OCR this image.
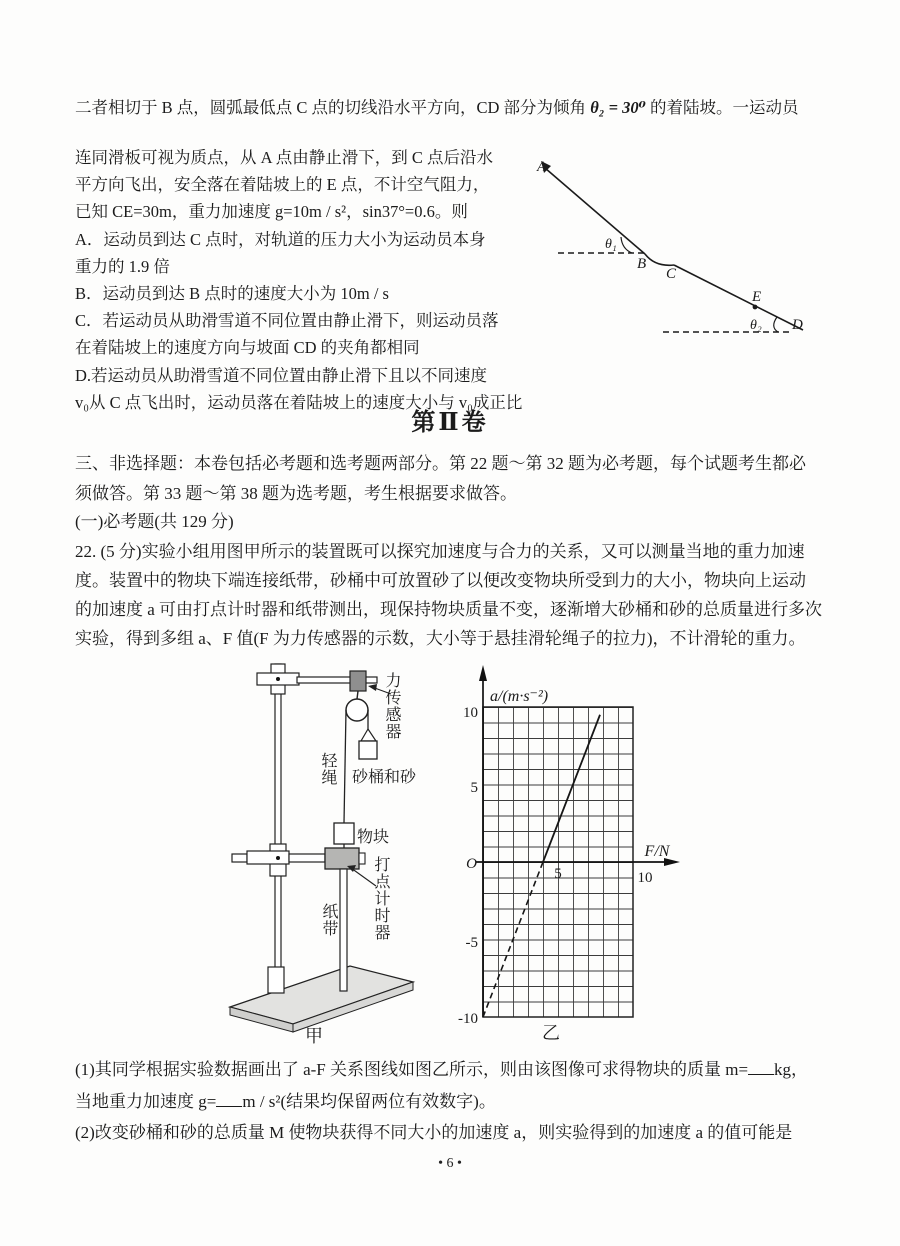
二者相切于 B 点，圆弧最低点 C 点的切线沿水平方向，CD 部分为倾角 θ₂ = 30⁰ 的着陆坡。一运动员
连同滑板可视为质点，从 A 点由静止滑下，到 C 点后沿水
平方向飞出，安全落在着陆坡上的 E 点，不计空气阻力，
已知 CE=30m，重力加速度 g=10m / s²，sin37°=0.6。则
A．运动员到达 C 点时，对轨道的压力大小为运动员本身
重力的 1.9 倍
B．运动员到达 B 点时的速度大小为 10m / s
C．若运动员从助滑雪道不同位置由静止滑下，则运动员落
在着陆坡上的速度方向与坡面 CD 的夹角都相同
D.若运动员从助滑雪道不同位置由静止滑下且以不同速度
v₀从 C 点飞出时，运动员落在着陆坡上的速度大小与 v₀成正比
A
θ₁
B
C
E
θ₂ D
第Ⅱ卷
三、非选择题：本卷包括必考题和选考题两部分。第 22 题～第 32 题为必考题，每个试题考生都必
须做答。第 33 题～第 38 题为选考题，考生根据要求做答。
(一)必考题(共 129 分)
22. (5 分)实验小组用图甲所示的装置既可以探究加速度与合力的关系，又可以测量当地的重力加速
度。装置中的物块下端连接纸带，砂桶中可放置砂了以便改变物块所受到力的大小，物块向上运动
的加速度 a 可由打点计时器和纸带测出，现保持物块质量不变，逐渐增大砂桶和砂的总质量进行多次
实验，得到多组 a、F 值(F 为力传感器的示数，大小等于悬挂滑轮绳子的拉力)，不计滑轮的重力。
力传感器
轻绳 砂桶和砂
物块
打点计时器
纸带
甲
a/(m·s⁻²)
F/N
10
5
O
-5
-10
5	10
乙
(1)其同学根据实验数据画出了 a-F 关系图线如图乙所示，则由该图像可求得物块的质量 m= kg，
当地重力加速度 g= m / s²(结果均保留两位有效数字)。
(2)改变砂桶和砂的总质量 M 使物块获得不同大小的加速度 a，则实验得到的加速度 a 的值可能是
• 6 •
